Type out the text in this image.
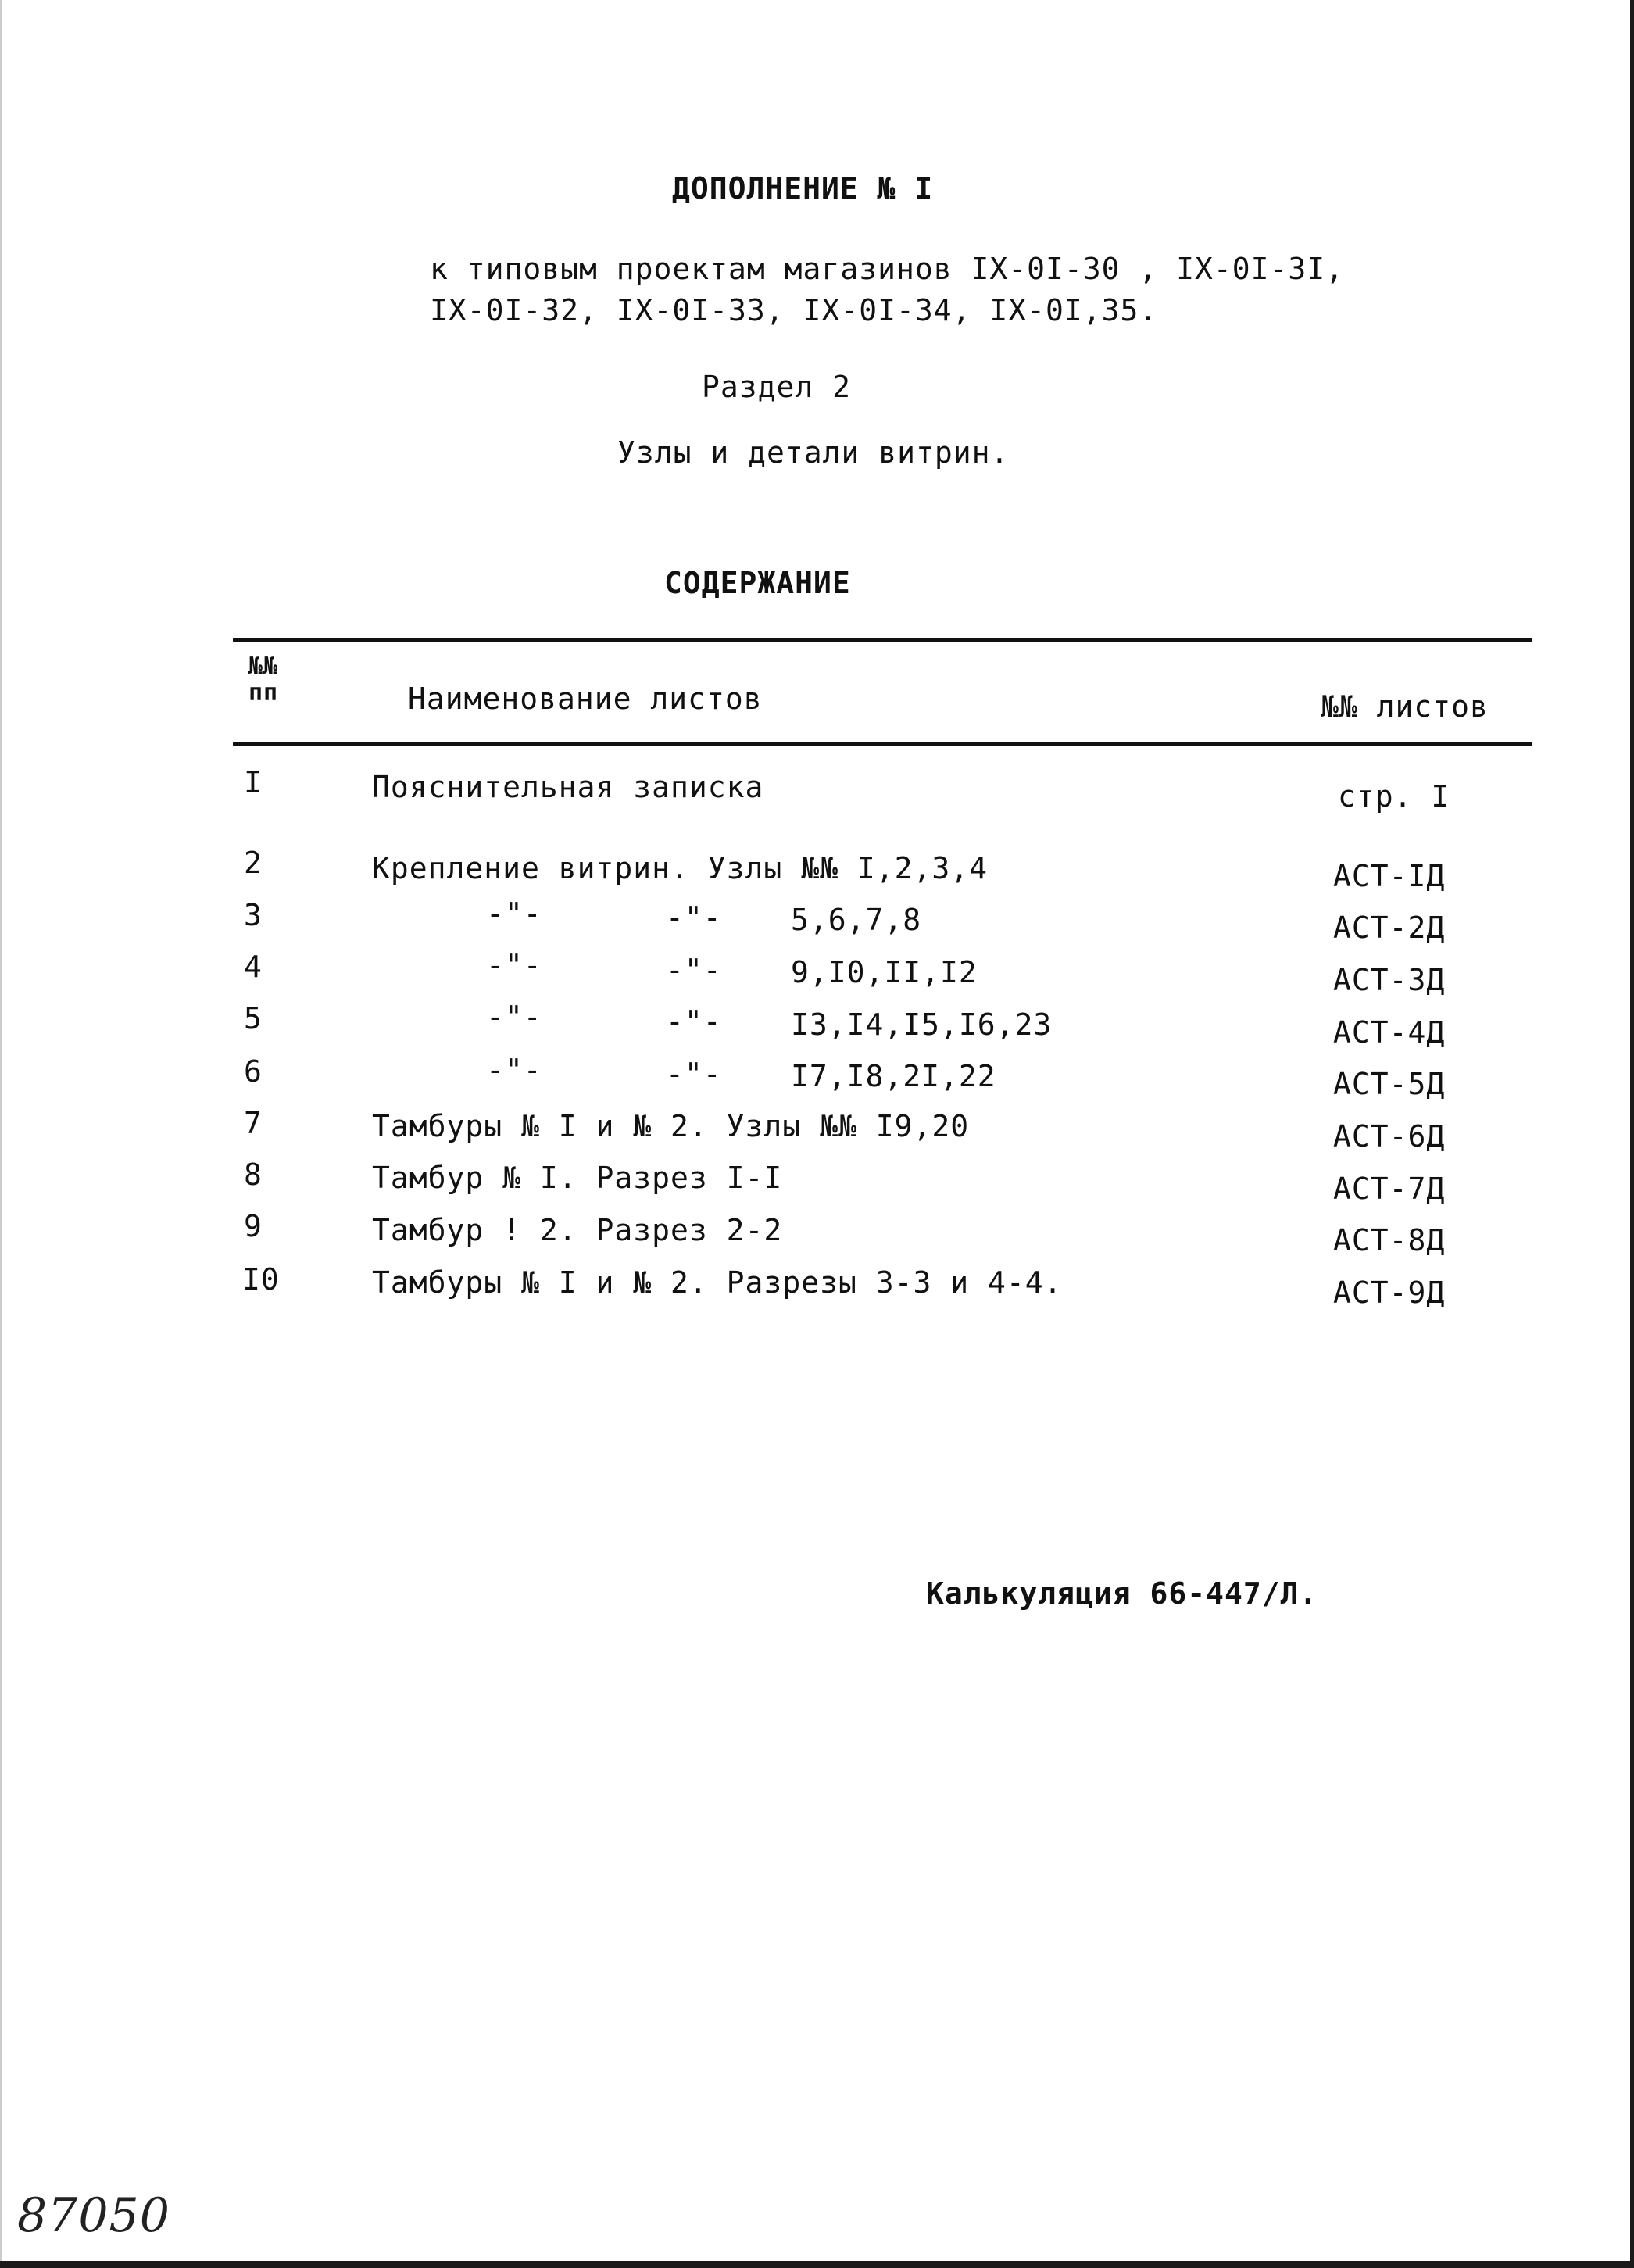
ДОПОЛНЕНИЕ № I
к типовым проектам магазинов IX-0I-30 , IX-0I-3I,
IX-0I-32, IX-0I-33, IX-0I-34, IX-0I,35.
Раздел 2
Узлы и детали витрин.
СОДЕРЖАНИЕ
№№
пп	Наименование листов	№№ листов
I	Пояснительная записка	стр. I
2	Крепление витрин. Узлы №№ I,2,3,4	АСТ-IД
3	-"-	-"- 5,6,7,8	АСТ-2Д
4	-"-	-"- 9,I0,II,I2	АСТ-3Д
5	-"-	-"- I3,I4,I5,I6,23	АСТ-4Д
6	-"-	-"- I7,I8,2I,22	АСТ-5Д
7	Тамбуры № I и № 2. Узлы №№ I9,20	АСТ-6Д
8	Тамбур № I. Разрез I-I	АСТ-7Д
9	Тамбур ! 2. Разрез 2-2	АСТ-8Д
I0	Тамбуры № I и № 2. Разрезы 3-3 и 4-4.	АСТ-9Д
Калькуляция 66-447/Л.
87050
